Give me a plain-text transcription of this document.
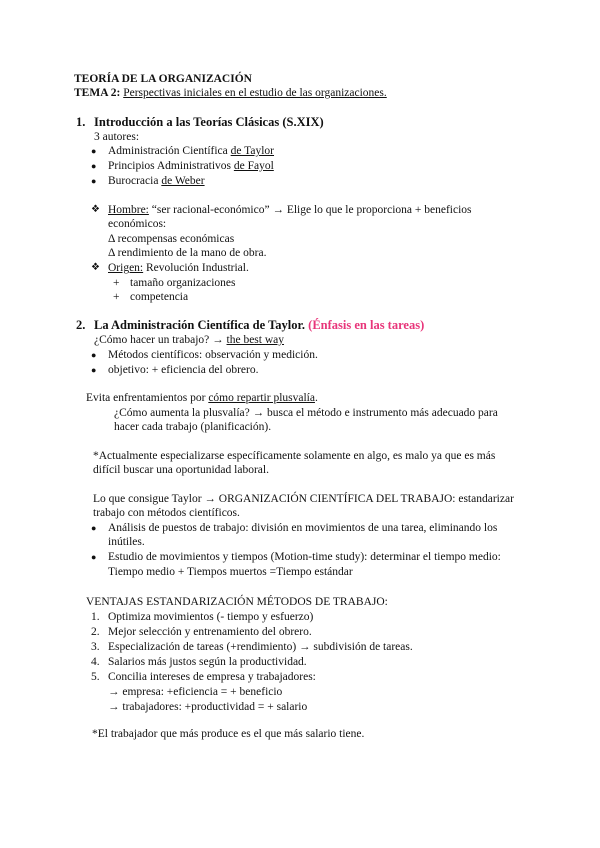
TEORÍA DE LA ORGANIZACIÓN
TEMA 2: Perspectivas iniciales en el estudio de las organizaciones.
1. Introducción a las Teorías Clásicas (S.XIX)
3 autores:
● Administración Científica de Taylor
● Principios Administrativos de Fayol
● Burocracia de Weber
❖ Hombre: “ser racional-económico” → Elige lo que le proporciona + beneficios
económicos:
Δ recompensas económicas
Δ rendimiento de la mano de obra.
❖ Origen: Revolución Industrial.
+ tamaño organizaciones
+ competencia
2. La Administración Científica de Taylor. (Énfasis en las tareas)
¿Cómo hacer un trabajo? → the best way
● Métodos científicos: observación y medición.
● objetivo: + eficiencia del obrero.
Evita enfrentamientos por cómo repartir plusvalía.
¿Cómo aumenta la plusvalía? → busca el método e instrumento más adecuado para
hacer cada trabajo (planificación).
*Actualmente especializarse específicamente solamente en algo, es malo ya que es más
difícil buscar una oportunidad laboral.
Lo que consigue Taylor → ORGANIZACIÓN CIENTÍFICA DEL TRABAJO: estandarizar
trabajo con métodos científicos.
● Análisis de puestos de trabajo: división en movimientos de una tarea, eliminando los
inútiles.
● Estudio de movimientos y tiempos (Motion-time study): determinar el tiempo medio:
Tiempo medio + Tiempos muertos =Tiempo estándar
VENTAJAS ESTANDARIZACIÓN MÉTODOS DE TRABAJO:
1. Optimiza movimientos (- tiempo y esfuerzo)
2. Mejor selección y entrenamiento del obrero.
3. Especialización de tareas (+rendimiento) → subdivisión de tareas.
4. Salarios más justos según la productividad.
5. Concilia intereses de empresa y trabajadores:
→ empresa: +eficiencia = + beneficio
→ trabajadores: +productividad = + salario
*El trabajador que más produce es el que más salario tiene.
